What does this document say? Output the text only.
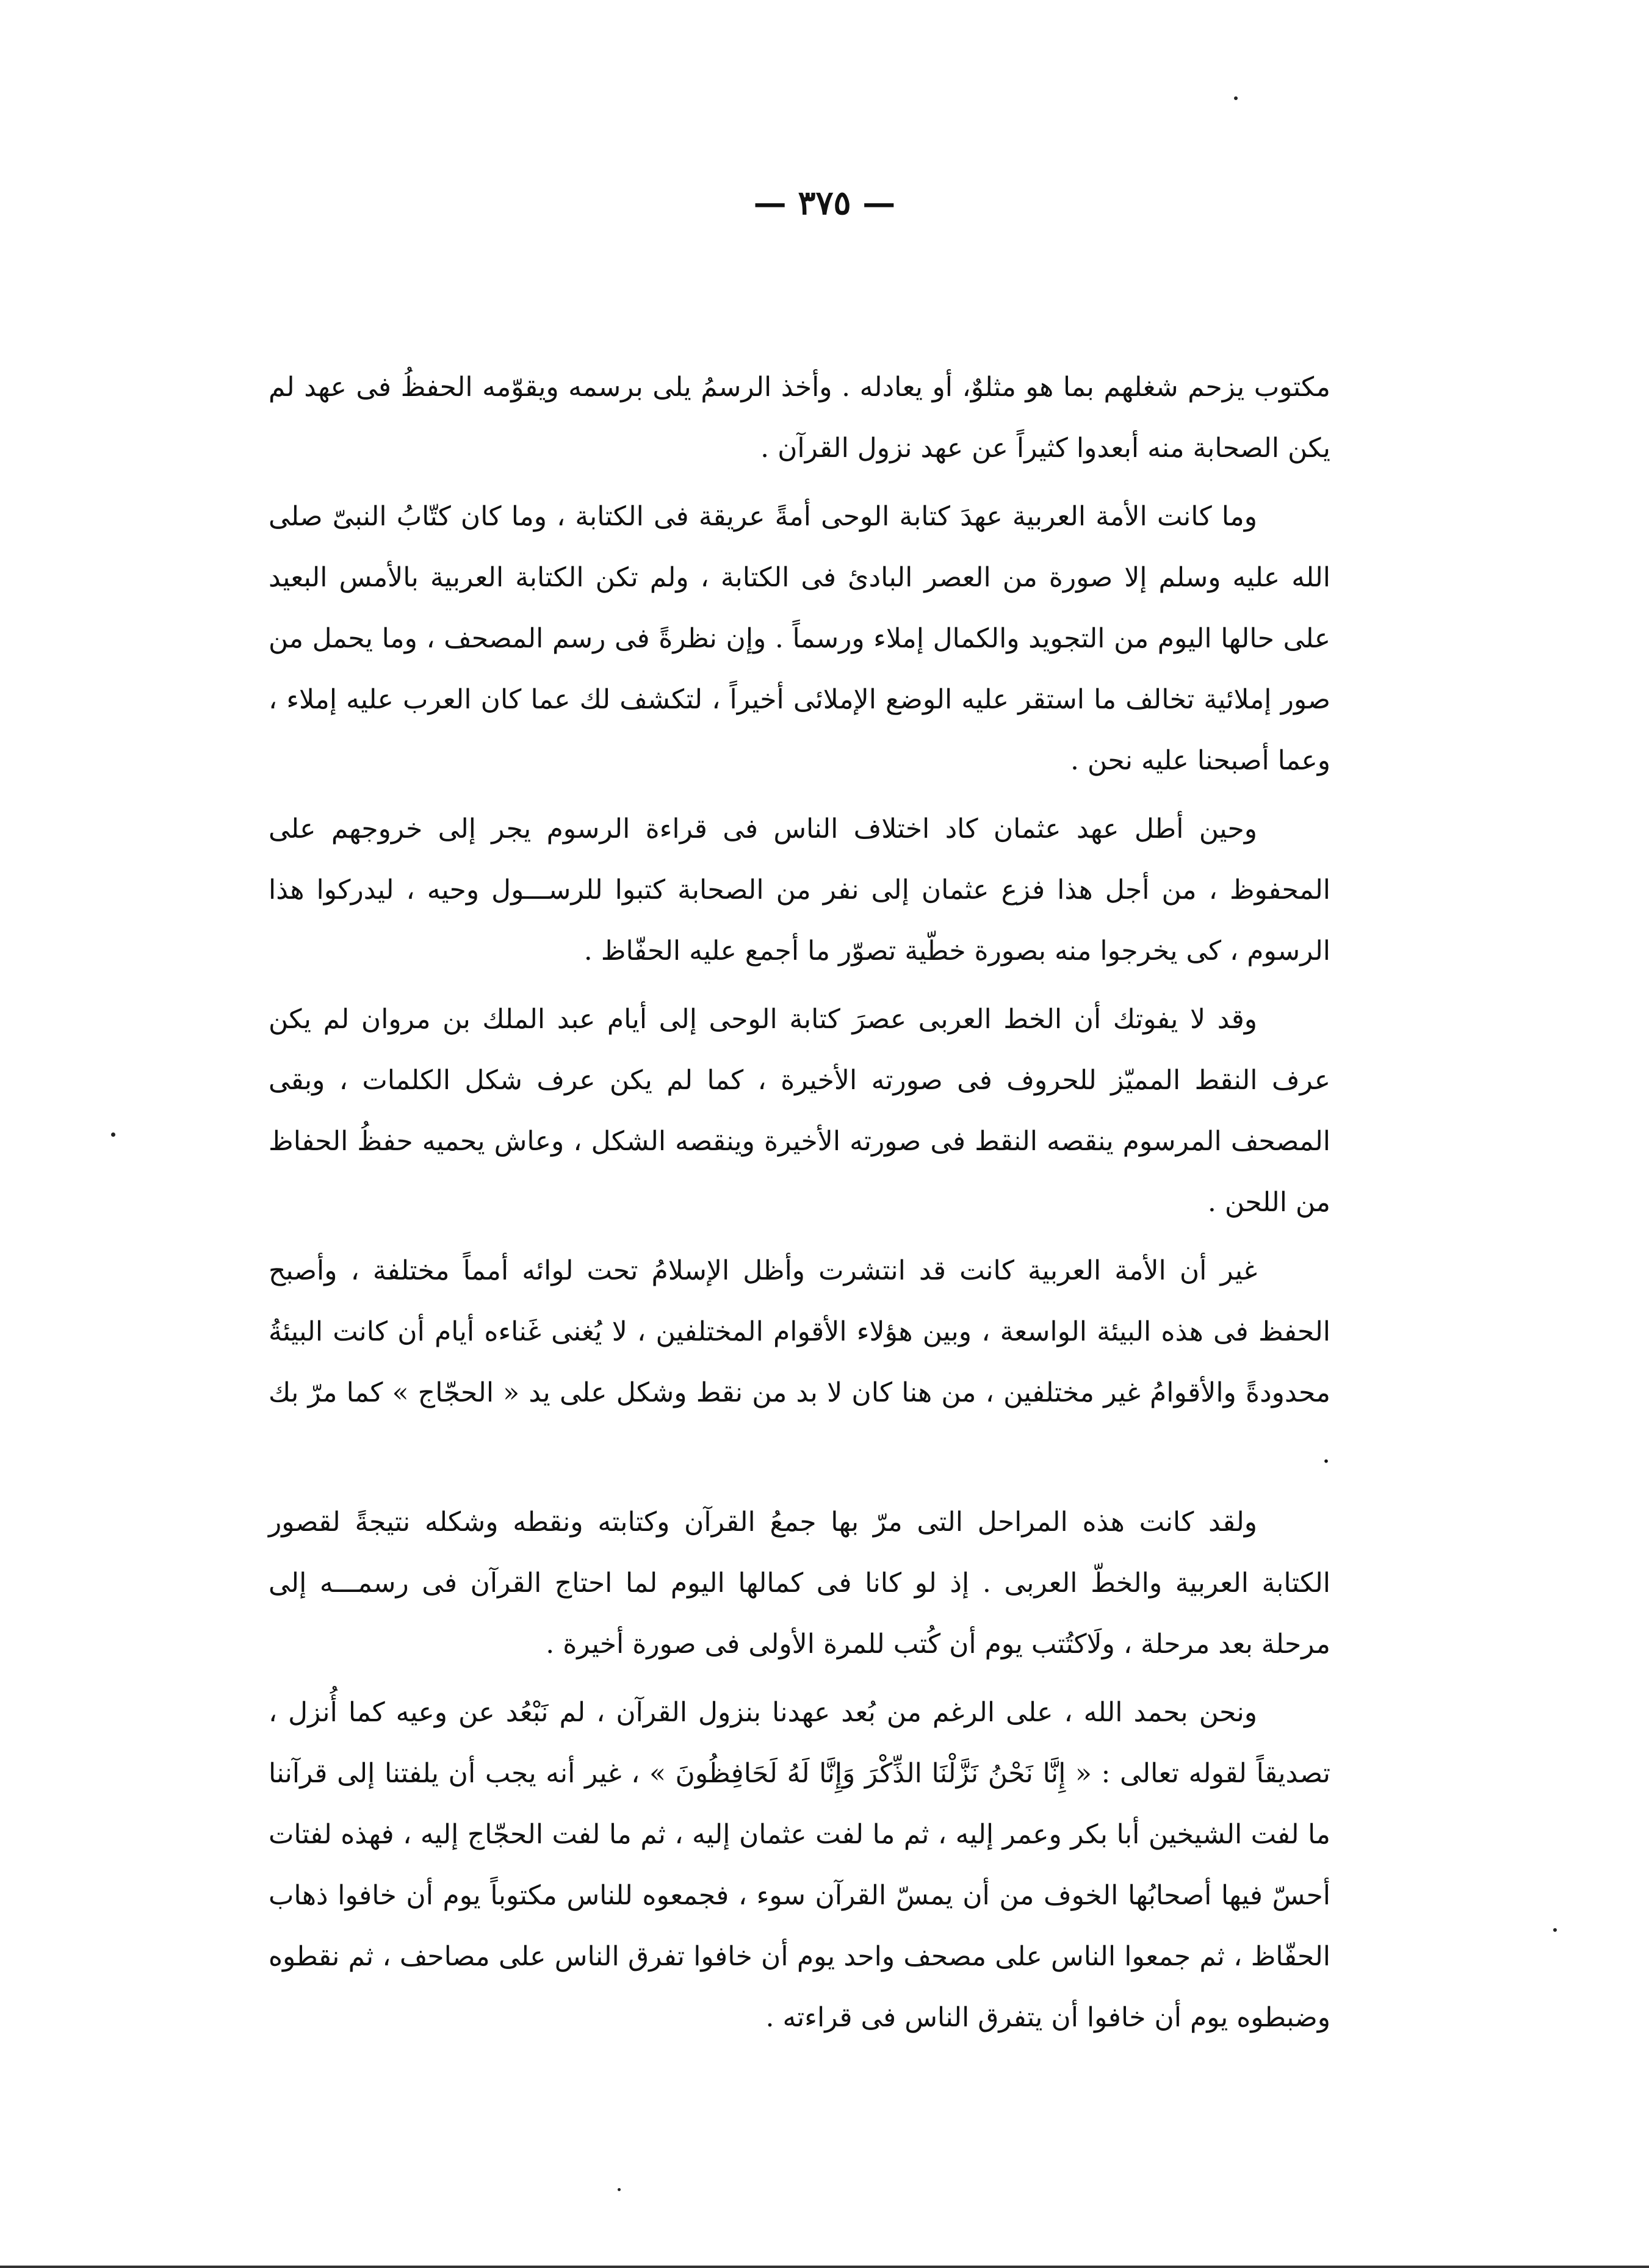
— ٣٧٥ —

مكتوب يزحم شغلهم بما هو مثلوٌ، أو يعادله . وأخذ الرسمُ يلى برسمه ويقوّمه الحفظُ فى عهد لم يكن الصحابة منه أبعدوا كثيراً عن عهد نزول القرآن .

وما كانت الأمة العربية عهدَ كتابة الوحى أمةً عريقة فى الكتابة ، وما كان كتّابُ النبىّ صلى الله عليه وسلم إلا صورة من العصر البادئ فى الكتابة ، ولم تكن الكتابة العربية بالأمس البعيد على حالها اليوم من التجويد والكمال إملاء ورسماً . وإن نظرةً فى رسم المصحف ، وما يحمل من صور إملائية تخالف ما استقر عليه الوضع الإملائى أخيراً ، لتكشف لك عما كان العرب عليه إملاء ، وعما أصبحنا عليه نحن .

وحين أطل عهد عثمان كاد اختلاف الناس فى قراءة الرسوم يجر إلى خروجهم على المحفوظ ، من أجل هذا فزع عثمان إلى نفر من الصحابة كتبوا للرســـول وحيه ، ليدركوا هذا الرسوم ، كى يخرجوا منه بصورة خطّية تصوّر ما أجمع عليه الحفّاظ .

وقد لا يفوتك أن الخط العربى عصرَ كتابة الوحى إلى أيام عبد الملك بن مروان لم يكن عرف النقط المميّز للحروف فى صورته الأخيرة ، كما لم يكن عرف شكل الكلمات ، وبقى المصحف المرسوم ينقصه النقط فى صورته الأخيرة وينقصه الشكل ، وعاش يحميه حفظُ الحفاظ من اللحن .

غير أن الأمة العربية كانت قد انتشرت وأظل الإسلامُ تحت لوائه أمماً مختلفة ، وأصبح الحفظ فى هذه البيئة الواسعة ، وبين هؤلاء الأقوام المختلفين ، لا يُغنى غَناءه أيام أن كانت البيئةُ محدودةً والأقوامُ غير مختلفين ، من هنا كان لا بد من نقط وشكل على يد « الحجّاج » كما مرّ بك .

ولقد كانت هذه المراحل التى مرّ بها جمعُ القرآن وكتابته ونقطه وشكله نتيجةً لقصور الكتابة العربية والخطّ العربى . إذ لو كانا فى كمالها اليوم لما احتاج القرآن فى رسمـــه إلى مرحلة بعد مرحلة ، ولَاكتُتب يوم أن كُتب للمرة الأولى فى صورة أخيرة .

ونحن بحمد الله ، على الرغم من بُعد عهدنا بنزول القرآن ، لم نَبْعُد عن وعيه كما أُنزل ، تصديقاً لقوله تعالى : « إِنَّا نَحْنُ نَزَّلْنَا الذِّكْرَ وَإِنَّا لَهُ لَحَافِظُونَ » ، غير أنه يجب أن يلفتنا إلى قرآننا ما لفت الشيخين أبا بكر وعمر إليه ، ثم ما لفت عثمان إليه ، ثم ما لفت الحجّاج إليه ، فهذه لفتات أحسّ فيها أصحابُها الخوف من أن يمسّ القرآن سوء ، فجمعوه للناس مكتوباً يوم أن خافوا ذهاب الحفّاظ ، ثم جمعوا الناس على مصحف واحد يوم أن خافوا تفرق الناس على مصاحف ، ثم نقطوه وضبطوه يوم أن خافوا أن يتفرق الناس فى قراءته .
